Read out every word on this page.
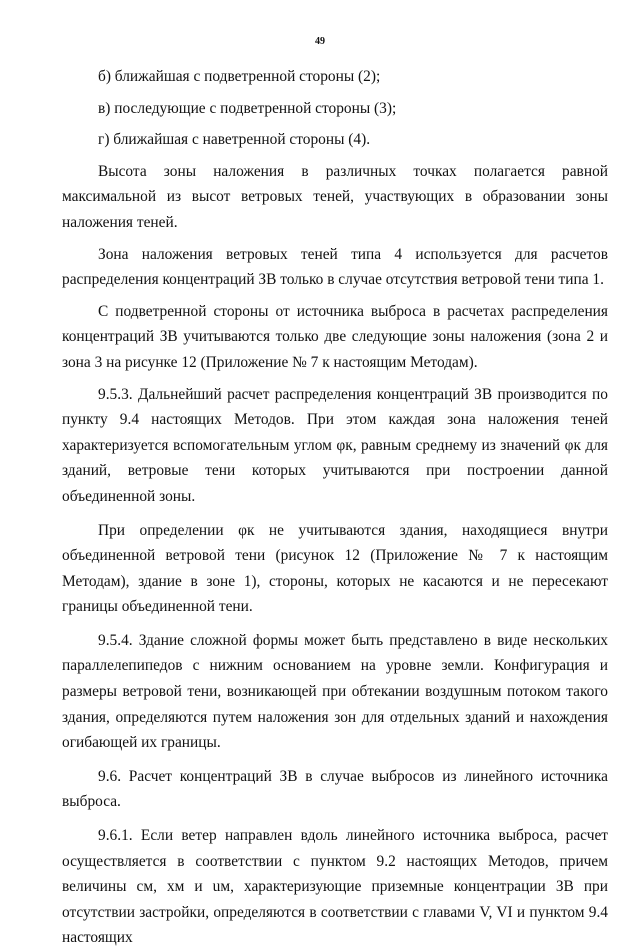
49

б) ближайшая с подветренной стороны (2);

в) последующие с подветренной стороны (3);

г) ближайшая с наветренной стороны (4).

Высота зоны наложения в различных точках полагается равной максимальной из высот ветровых теней, участвующих в образовании зоны наложения теней.

Зона наложения ветровых теней типа 4 используется для расчетов распределения концентраций ЗВ только в случае отсутствия ветровой тени типа 1.

С подветренной стороны от источника выброса в расчетах распределения концентраций ЗВ учитываются только две следующие зоны наложения (зона 2 и зона 3 на рисунке 12 (Приложение № 7 к настоящим Методам).

9.5.3. Дальнейший расчет распределения концентраций ЗВ производится по пункту 9.4 настоящих Методов. При этом каждая зона наложения теней характеризуется вспомогательным углом φк, равным среднему из значений φк для зданий, ветровые тени которых учитываются при построении данной объединенной зоны.

При определении φк не учитываются здания, находящиеся внутри объединенной ветровой тени (рисунок 12 (Приложение № 7 к настоящим Методам), здание в зоне 1), стороны, которых не касаются и не пересекают границы объединенной тени.

9.5.4. Здание сложной формы может быть представлено в виде нескольких параллелепипедов с нижним основанием на уровне земли. Конфигурация и размеры ветровой тени, возникающей при обтекании воздушным потоком такого здания, определяются путем наложения зон для отдельных зданий и нахождения огибающей их границы.

9.6. Расчет концентраций ЗВ в случае выбросов из линейного источника выброса.

9.6.1. Если ветер направлен вдоль линейного источника выброса, расчет осуществляется в соответствии с пунктом 9.2 настоящих Методов, причем величины cм, xм и uм, характеризующие приземные концентрации ЗВ при отсутствии застройки, определяются в соответствии с главами V, VI и пунктом 9.4 настоящих
